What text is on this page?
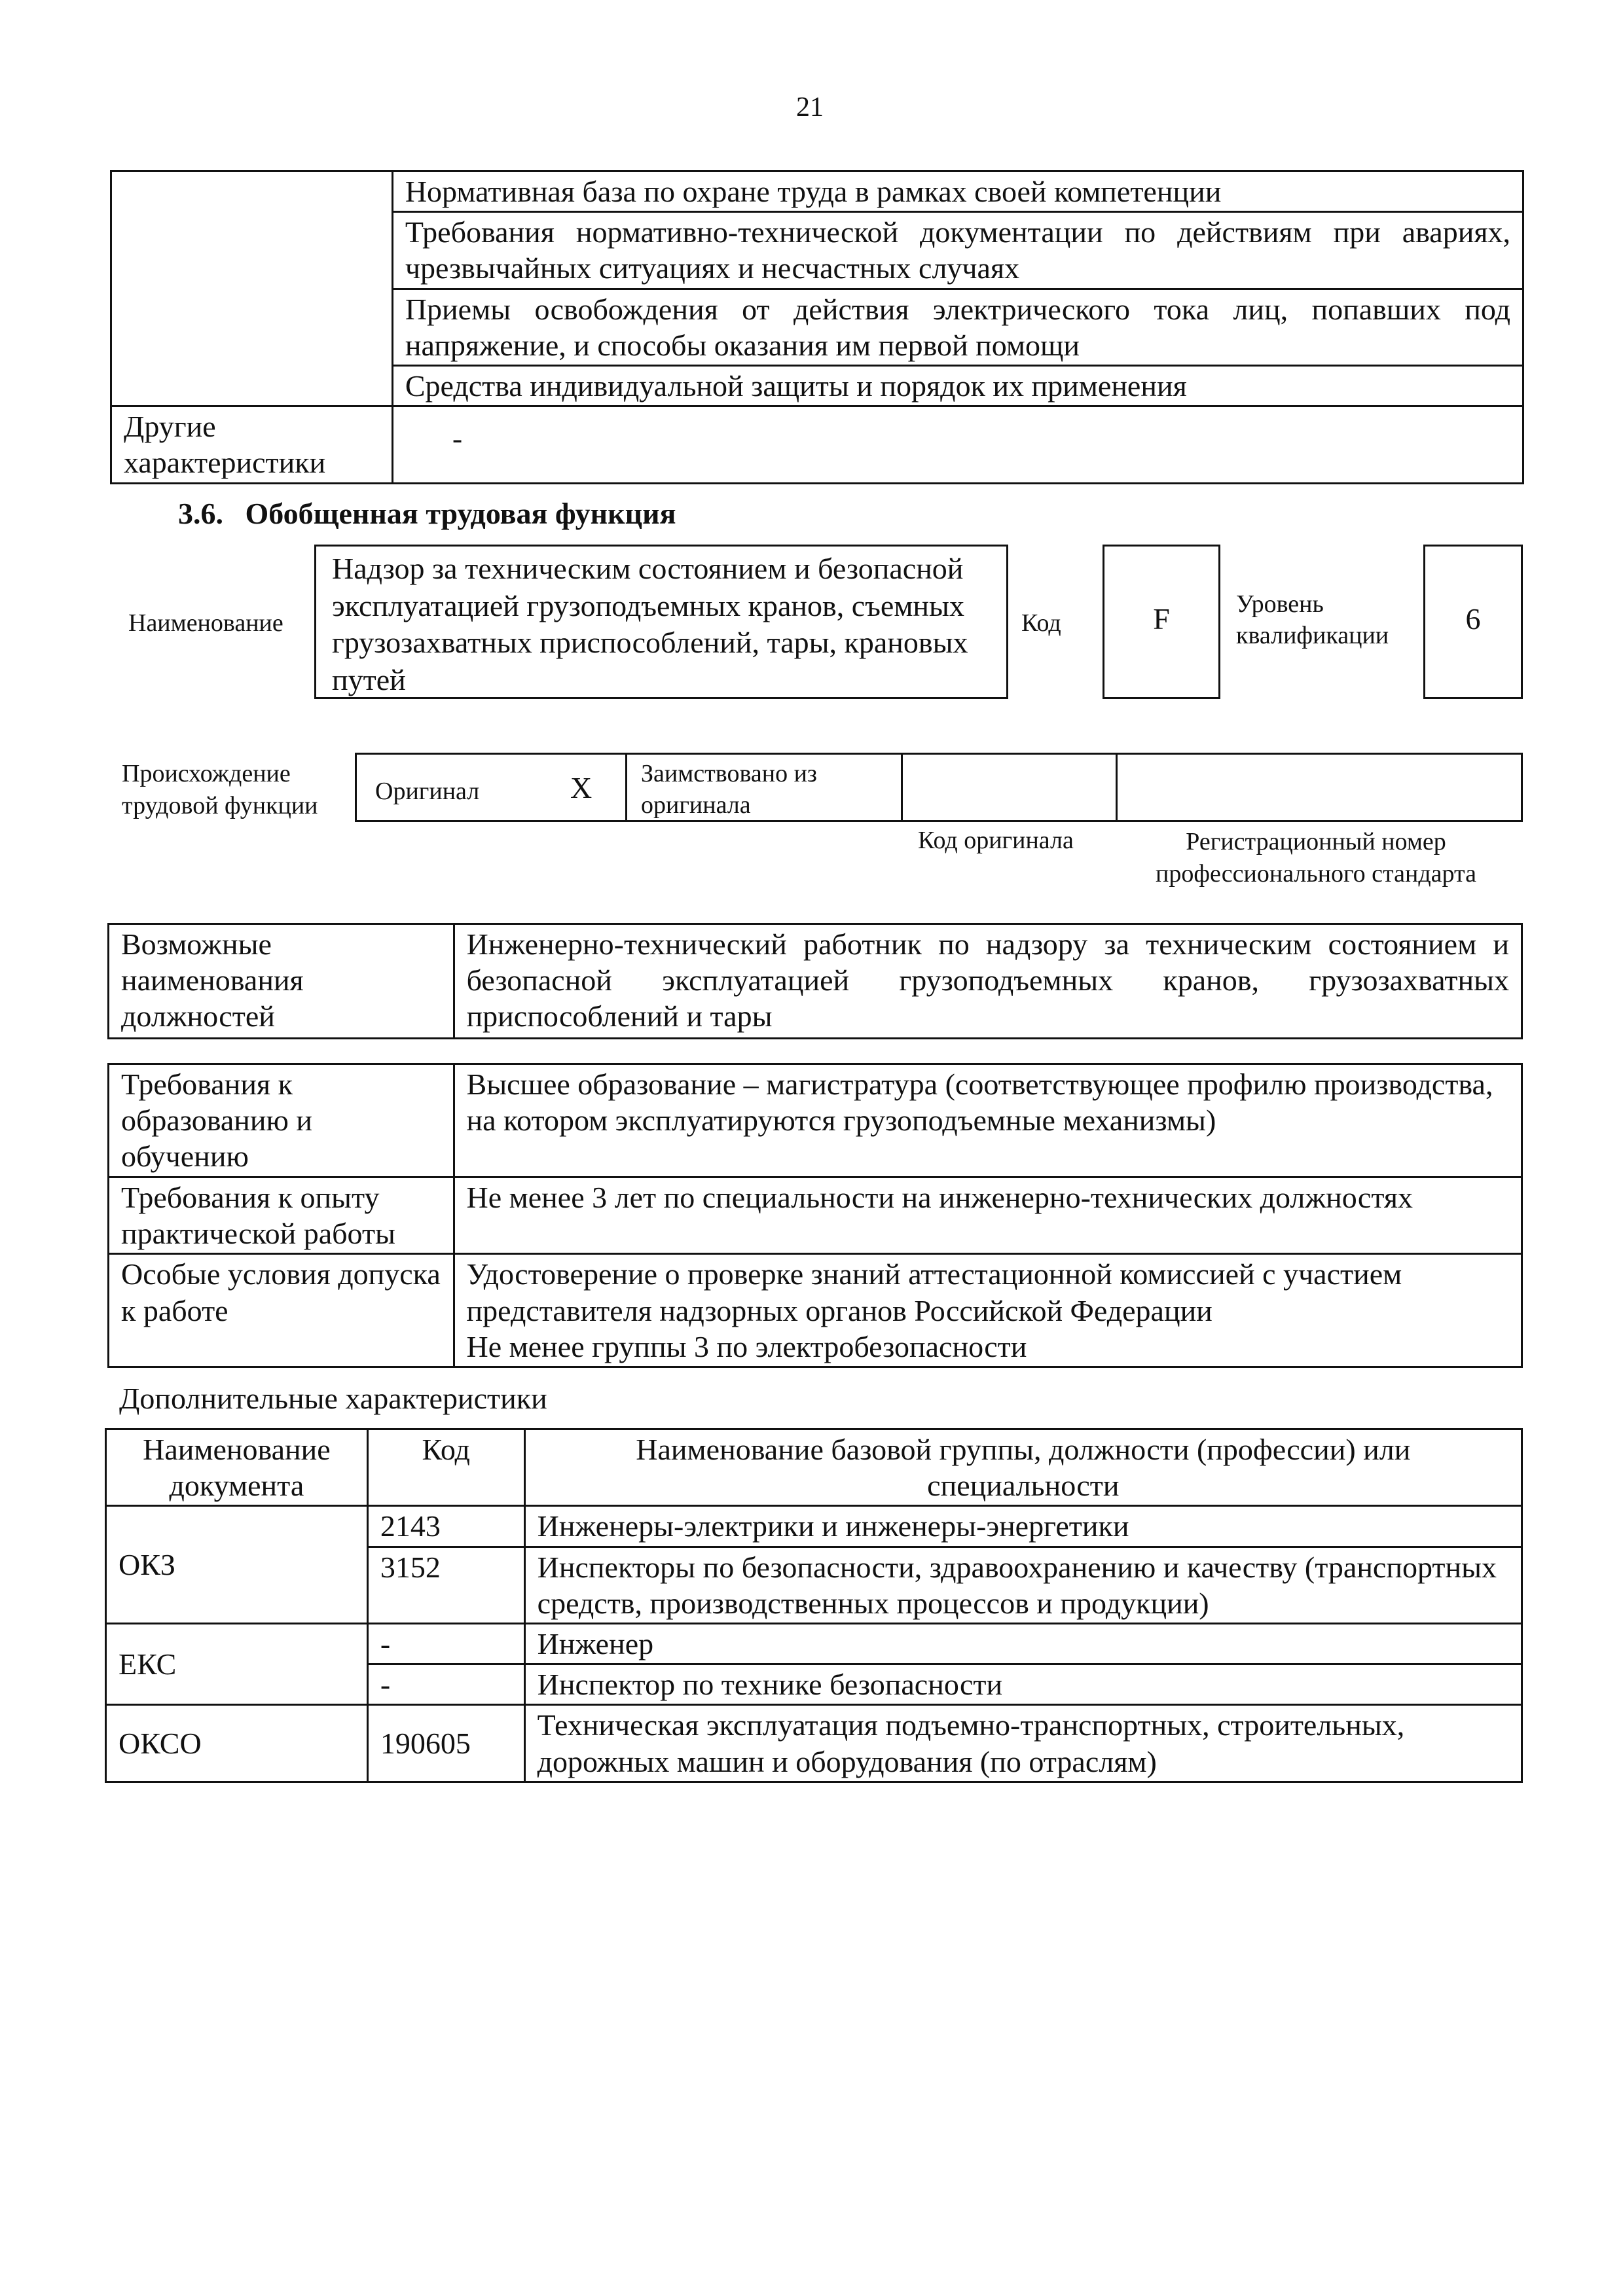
21
	Нормативная база по охране труда в рамках своей компетенции
	Требования нормативно-технической документации по действиям при авариях, чрезвычайных ситуациях и несчастных случаях
	Приемы освобождения от действия электрического тока лиц, попавших под напряжение, и способы оказания им первой помощи
	Средства индивидуальной защиты и порядок их применения
Другие характеристики	-
3.6. Обобщенная трудовая функция
Наименование
Надзор за техническим состоянием и безопасной эксплуатацией грузоподъемных кранов, съемных грузозахватных приспособлений, тары, крановых путей
Код	F	Уровень квалификации	6
Происхождение трудовой функции
Оригинал	X Заимствовано из оригинала
Код оригинала	Регистрационный номер профессионального стандарта
Возможные наименования должностей	Инженерно-технический работник по надзору за техническим состоянием и безопасной эксплуатацией грузоподъемных кранов, грузозахватных приспособлений и тары
Требования к образованию и обучению	Высшее образование – магистратура (соответствующее профилю производства, на котором эксплуатируются грузоподъемные механизмы)
Требования к опыту практической работы	Не менее 3 лет по специальности на инженерно-технических должностях
Особые условия допуска к работе	Удостоверение о проверке знаний аттестационной комиссией с участием представителя надзорных органов Российской Федерации
Не менее группы 3 по электробезопасности
Дополнительные характеристики
Наименование документа	Код	Наименование базовой группы, должности (профессии) или специальности
ОКЗ	2143	Инженеры-электрики и инженеры-энергетики
	3152	Инспекторы по безопасности, здравоохранению и качеству (транспортных средств, производственных процессов и продукции)
ЕКС	-	Инженер
	-	Инспектор по технике безопасности
ОКСО	190605	Техническая эксплуатация подъемно-транспортных, строительных, дорожных машин и оборудования (по отраслям)
